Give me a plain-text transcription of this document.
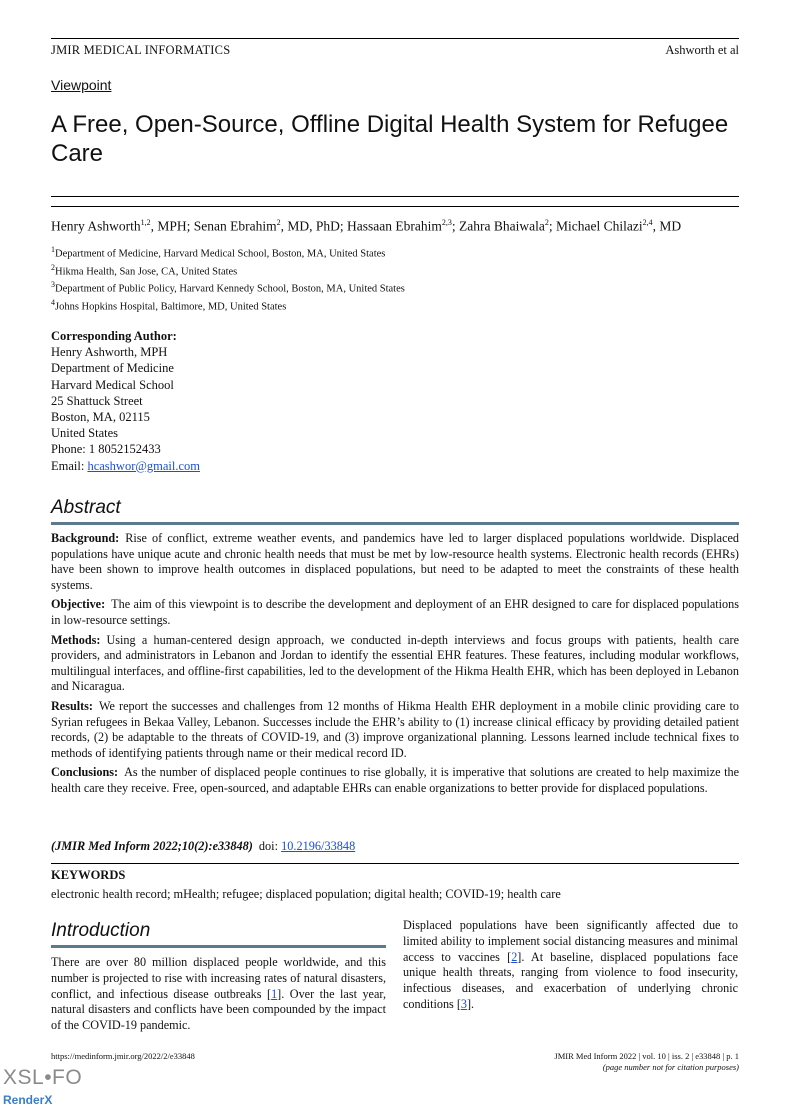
JMIR MEDICAL INFORMATICS	Ashworth et al
Viewpoint
A Free, Open-Source, Offline Digital Health System for Refugee Care
Henry Ashworth$^{1,2}$, MPH; Senan Ebrahim$^2$, MD, PhD; Hassaan Ebrahim$^{2,3}$; Zahra Bhaiwala$^2$; Michael Chilazi$^{2,4}$, MD
$^1$Department of Medicine, Harvard Medical School, Boston, MA, United States
$^2$Hikma Health, San Jose, CA, United States
$^3$Department of Public Policy, Harvard Kennedy School, Boston, MA, United States
$^4$Johns Hopkins Hospital, Baltimore, MD, United States
Corresponding Author:
Henry Ashworth, MPH
Department of Medicine
Harvard Medical School
25 Shattuck Street
Boston, MA, 02115
United States
Phone: 1 8052152433
Email: hcashwor@gmail.com
Abstract

Background: Rise of conflict, extreme weather events, and pandemics have led to larger displaced populations worldwide. Displaced populations have unique acute and chronic health needs that must be met by low-resource health systems. Electronic health records (EHRs) have been shown to improve health outcomes in displaced populations, but need to be adapted to meet the constraints of these health systems.

Objective: The aim of this viewpoint is to describe the development and deployment of an EHR designed to care for displaced populations in low-resource settings.

Methods: Using a human-centered design approach, we conducted in-depth interviews and focus groups with patients, health care providers, and administrators in Lebanon and Jordan to identify the essential EHR features. These features, including modular workflows, multilingual interfaces, and offline-first capabilities, led to the development of the Hikma Health EHR, which has been deployed in Lebanon and Nicaragua.

Results: We report the successes and challenges from 12 months of Hikma Health EHR deployment in a mobile clinic providing care to Syrian refugees in Bekaa Valley, Lebanon. Successes include the EHR’s ability to (1) increase clinical efficacy by providing detailed patient records, (2) be adaptable to the threats of COVID-19, and (3) improve organizational planning. Lessons learned include technical fixes to methods of identifying patients through name or their medical record ID.

Conclusions: As the number of displaced people continues to rise globally, it is imperative that solutions are created to help maximize the health care they receive. Free, open-sourced, and adaptable EHRs can enable organizations to better provide for displaced populations.

(JMIR Med Inform 2022;10(2):e33848) doi: 10.2196/33848
KEYWORDS
electronic health record; mHealth; refugee; displaced population; digital health; COVID-19; health care
Introduction

There are over 80 million displaced people worldwide, and this number is projected to rise with increasing rates of natural disasters, conflict, and infectious disease outbreaks [1]. Over the last year, natural disasters and conflicts have been compounded by the impact of the COVID-19 pandemic.

Displaced populations have been significantly affected due to limited ability to implement social distancing measures and minimal access to vaccines [2]. At baseline, displaced populations face unique health threats, ranging from violence to food insecurity, infectious diseases, and exacerbation of underlying chronic conditions [3].

https://medinform.jmir.org/2022/2/e33848	JMIR Med Inform 2022 | vol. 10 | iss. 2 | e33848 | p. 1
(page number not for citation purposes)
XSL•FO
RenderX
